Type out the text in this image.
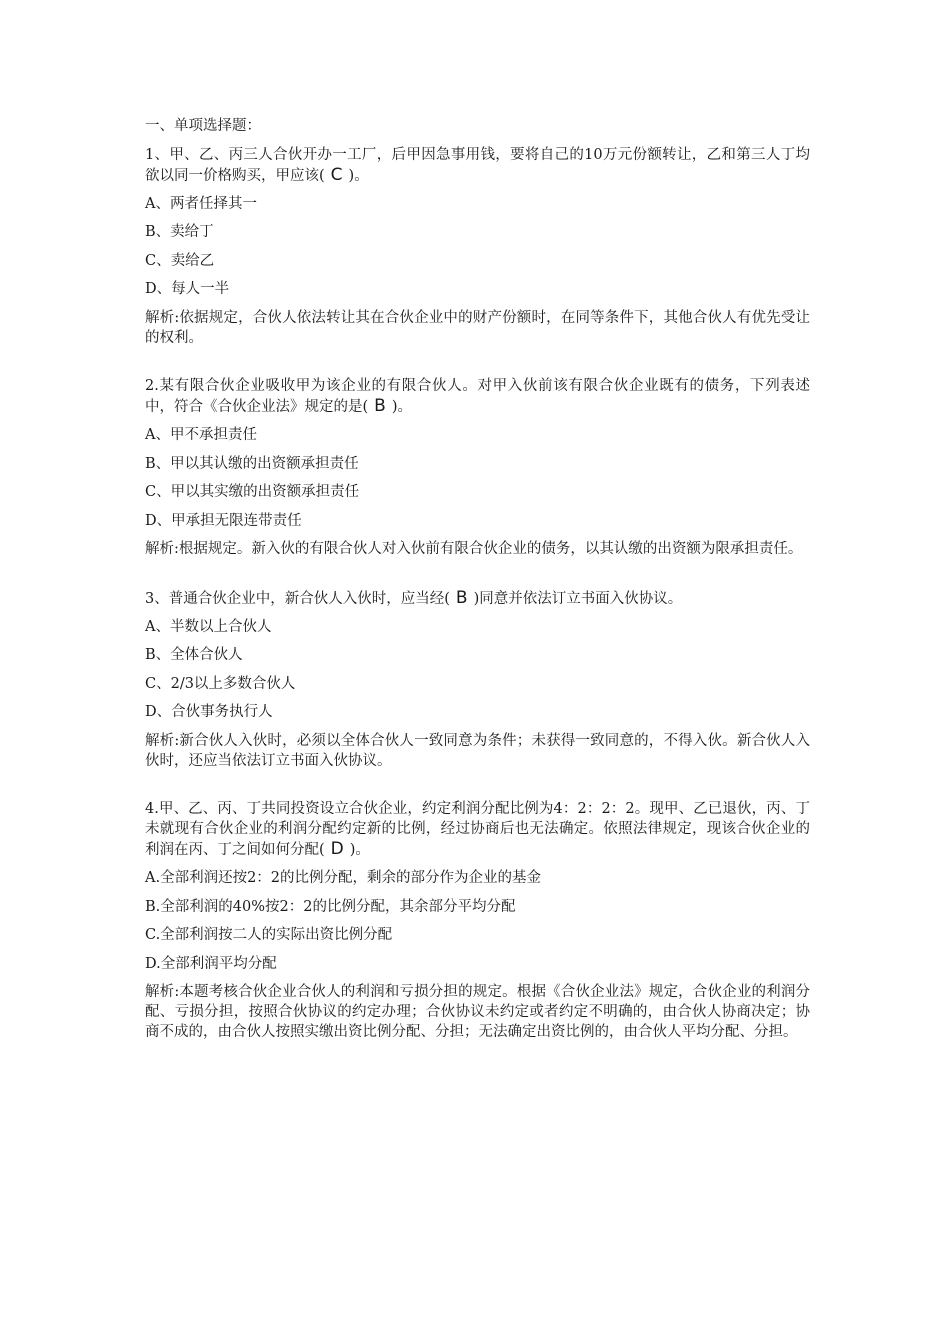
一、单项选择题：
1、甲、乙、丙三人合伙开办一工厂，后甲因急事用钱，要将自己的10万元份额转让，乙和第三人丁均欲以同一价格购买，甲应该( C )。
A、两者任择其一
B、卖给丁
C、卖给乙
D、每人一半
解析:依据规定，合伙人依法转让其在合伙企业中的财产份额时，在同等条件下，其他合伙人有优先受让的权利。
2.某有限合伙企业吸收甲为该企业的有限合伙人。对甲入伙前该有限合伙企业既有的债务，下列表述中，符合《合伙企业法》规定的是( B )。
A、甲不承担责任
B、甲以其认缴的出资额承担责任
C、甲以其实缴的出资额承担责任
D、甲承担无限连带责任
解析:根据规定。新入伙的有限合伙人对入伙前有限合伙企业的债务，以其认缴的出资额为限承担责任。
3、普通合伙企业中，新合伙人入伙时，应当经( B )同意并依法订立书面入伙协议。
A、半数以上合伙人
B、全体合伙人
C、2/3以上多数合伙人
D、合伙事务执行人
解析:新合伙人入伙时，必须以全体合伙人一致同意为条件；未获得一致同意的，不得入伙。新合伙人入伙时，还应当依法订立书面入伙协议。
4.甲、乙、丙、丁共同投资设立合伙企业，约定利润分配比例为4：2：2：2。现甲、乙已退伙，丙、丁未就现有合伙企业的利润分配约定新的比例，经过协商后也无法确定。依照法律规定，现该合伙企业的利润在丙、丁之间如何分配( D )。
A.全部利润还按2：2的比例分配，剩余的部分作为企业的基金
B.全部利润的40%按2：2的比例分配，其余部分平均分配
C.全部利润按二人的实际出资比例分配
D.全部利润平均分配
解析:本题考核合伙企业合伙人的利润和亏损分担的规定。根据《合伙企业法》规定，合伙企业的利润分配、亏损分担，按照合伙协议的约定办理；合伙协议未约定或者约定不明确的，由合伙人协商决定；协商不成的，由合伙人按照实缴出资比例分配、分担；无法确定出资比例的，由合伙人平均分配、分担。
